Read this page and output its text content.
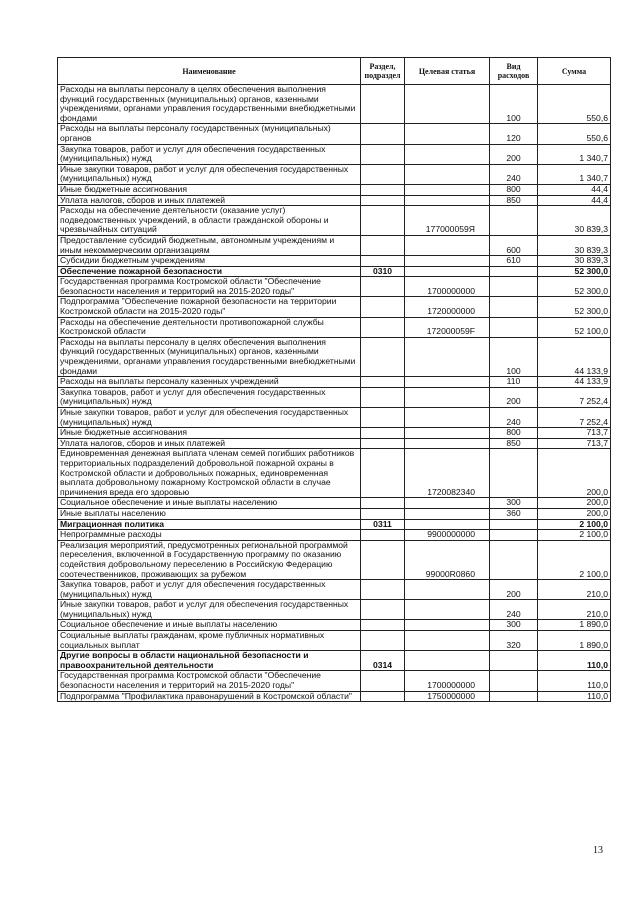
Наименование	Раздел, подраздел	Целевая статья	Вид расходов	Сумма
Расходы на выплаты персоналу в целях обеспечения выполнения функций государственных (муниципальных) органов, казенными учреждениями, органами управления государственными внебюджетными фондами			100	550,6
Расходы на выплаты персоналу государственных (муниципальных) органов			120	550,6
Закупка товаров, работ и услуг для обеспечения государственных (муниципальных) нужд			200	1 340,7
Иные закупки товаров, работ и услуг для обеспечения государственных (муниципальных) нужд			240	1 340,7
Иные бюджетные ассигнования			800	44,4
Уплата налогов, сборов и иных платежей			850	44,4
Расходы на обеспечение деятельности (оказание услуг) подведомственных учреждений, в области гражданской обороны и чрезвычайных ситуаций		177000059Я		30 839,3
Предоставление субсидий бюджетным, автономным учреждениям и иным некоммерческим организациям			600	30 839,3
Субсидии бюджетным учреждениям			610	30 839,3
Обеспечение пожарной безопасности	0310			52 300,0
Государственная программа Костромской области "Обеспечение безопасности населения и территорий на 2015-2020 годы"		1700000000		52 300,0
Подпрограмма "Обеспечение пожарной безопасности на территории Костромской области на 2015-2020 годы"		1720000000		52 300,0
Расходы на обеспечение деятельности противопожарной службы Костромской области		172000059F		52 100,0
Расходы на выплаты персоналу в целях обеспечения выполнения функций государственных (муниципальных) органов, казенными учреждениями, органами управления государственными внебюджетными фондами			100	44 133,9
Расходы на выплаты персоналу казенных учреждений			110	44 133,9
Закупка товаров, работ и услуг для обеспечения государственных (муниципальных) нужд			200	7 252,4
Иные закупки товаров, работ и услуг для обеспечения государственных (муниципальных) нужд			240	7 252,4
Иные бюджетные ассигнования			800	713,7
Уплата налогов, сборов и иных платежей			850	713,7
Единовременная денежная выплата членам семей погибших работников территориальных подразделений добровольной пожарной охраны в Костромской области и добровольных пожарных, единовременная выплата добровольному пожарному Костромской области в случае причинения вреда его здоровью		1720082340		200,0
Социальное обеспечение и иные выплаты населению			300	200,0
Иные выплаты населению			360	200,0
Миграционная политика	0311			2 100,0
Непрограммные расходы		9900000000		2 100,0
Реализация мероприятий, предусмотренных региональной программой переселения, включенной в Государственную программу по оказанию содействия добровольному переселению в Российскую Федерацию соотечественников, проживающих за рубежом		99000R0860		2 100,0
Закупка товаров, работ и услуг для обеспечения государственных (муниципальных) нужд			200	210,0
Иные закупки товаров, работ и услуг для обеспечения государственных (муниципальных) нужд			240	210,0
Социальное обеспечение и иные выплаты населению			300	1 890,0
Социальные выплаты гражданам, кроме публичных нормативных социальных выплат			320	1 890,0
Другие вопросы в области национальной безопасности и правоохранительной деятельности	0314			110,0
Государственная программа Костромской области "Обеспечение безопасности населения и территорий на 2015-2020 годы"		1700000000		110,0
Подпрограмма "Профилактика правонарушений в Костромской области"		1750000000		110,0
13
